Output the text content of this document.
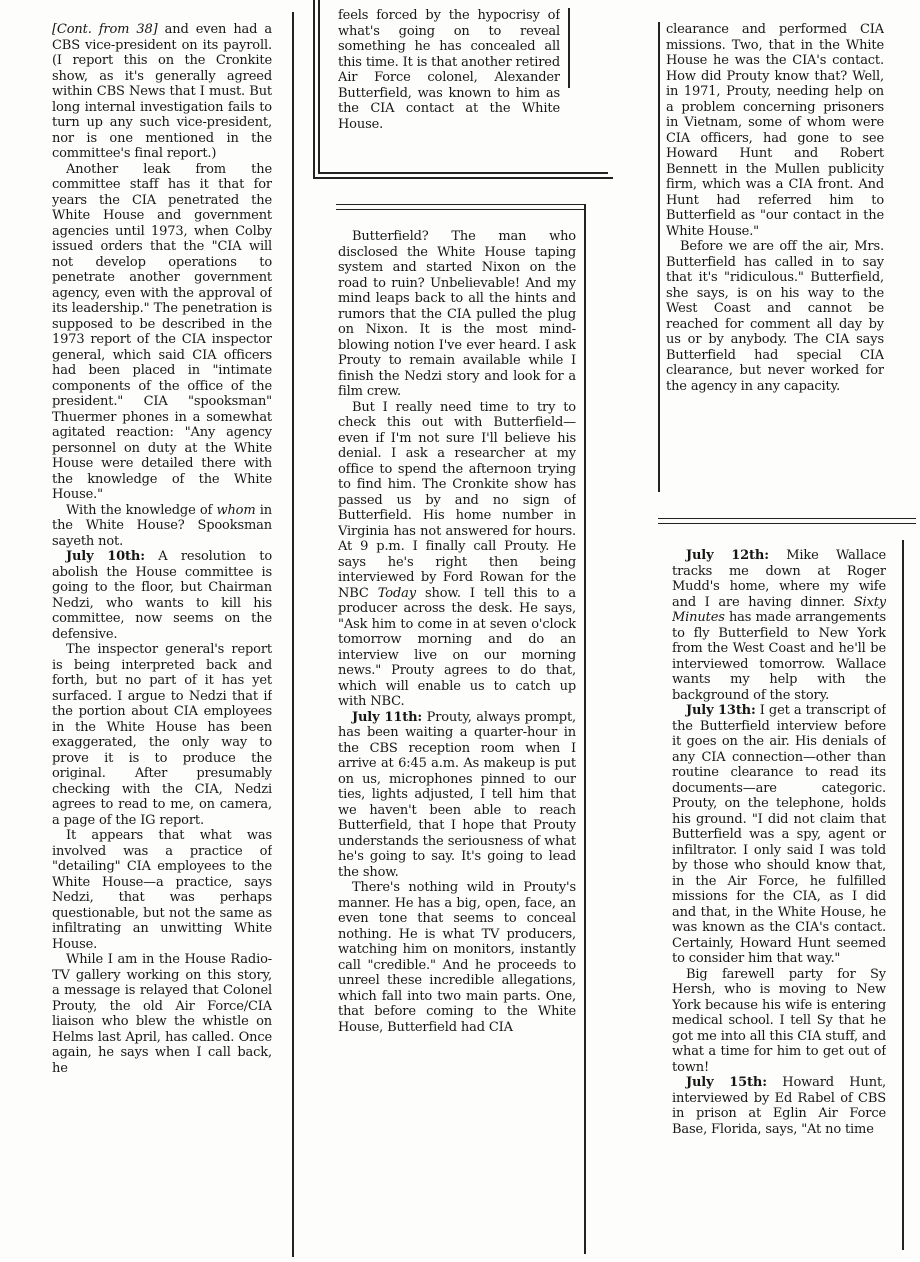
[Cont. from 38] and even had a CBS vice-president on its payroll. (I report this on the Cronkite show, as it's generally agreed within CBS News that I must. But long internal investigation fails to turn up any such vice-president, nor is one mentioned in the committee's final report.)

Another leak from the committee staff has it that for years the CIA penetrated the White House and government agencies until 1973, when Colby issued orders that the "CIA will not develop operations to penetrate another government agency, even with the approval of its leadership." The penetration is supposed to be described in the 1973 report of the CIA inspector general, which said CIA officers had been placed in "intimate components of the office of the president." CIA "spooksman" Thuermer phones in a somewhat agitated reaction: "Any agency personnel on duty at the White House were detailed there with the knowledge of the White House."

With the knowledge of whom in the White House? Spooksman sayeth not.

July 10th: A resolution to abolish the House committee is going to the floor, but Chairman Nedzi, who wants to kill his committee, now seems on the defensive.

The inspector general's report is being interpreted back and forth, but no part of it has yet surfaced. I argue to Nedzi that if the portion about CIA employees in the White House has been exaggerated, the only way to prove it is to produce the original. After presumably checking with the CIA, Nedzi agrees to read to me, on camera, a page of the IG report.

It appears that what was involved was a practice of "detailing" CIA employees to the White House—a practice, says Nedzi, that was perhaps questionable, but not the same as infiltrating an unwitting White House.

While I am in the House Radio-TV gallery working on this story, a message is relayed that Colonel Prouty, the old Air Force/CIA liaison who blew the whistle on Helms last April, has called. Once again, he says when I call back, he

feels forced by the hypocrisy of what's going on to reveal something he has concealed all this time. It is that another retired Air Force colonel, Alexander Butterfield, was known to him as the CIA contact at the White House.

Butterfield? The man who disclosed the White House taping system and started Nixon on the road to ruin? Unbelievable! And my mind leaps back to all the hints and rumors that the CIA pulled the plug on Nixon. It is the most mind-blowing notion I've ever heard. I ask Prouty to remain available while I finish the Nedzi story and look for a film crew.

But I really need time to try to check this out with Butterfield—even if I'm not sure I'll believe his denial. I ask a researcher at my office to spend the afternoon trying to find him. The Cronkite show has passed us by and no sign of Butterfield. His home number in Virginia has not answered for hours. At 9 p.m. I finally call Prouty. He says he's right then being interviewed by Ford Rowan for the NBC Today show. I tell this to a producer across the desk. He says, "Ask him to come in at seven o'clock tomorrow morning and do an interview live on our morning news." Prouty agrees to do that, which will enable us to catch up with NBC.

July 11th: Prouty, always prompt, has been waiting a quarter-hour in the CBS reception room when I arrive at 6:45 a.m. As makeup is put on us, microphones pinned to our ties, lights adjusted, I tell him that we haven't been able to reach Butterfield, that I hope that Prouty understands the seriousness of what he's going to say. It's going to lead the show.

There's nothing wild in Prouty's manner. He has a big, open, face, an even tone that seems to conceal nothing. He is what TV producers, watching him on monitors, instantly call "credible." And he proceeds to unreel these incredible allegations, which fall into two main parts. One, that before coming to the White House, Butterfield had CIA

clearance and performed CIA missions. Two, that in the White House he was the CIA's contact. How did Prouty know that? Well, in 1971, Prouty, needing help on a problem concerning prisoners in Vietnam, some of whom were CIA officers, had gone to see Howard Hunt and Robert Bennett in the Mullen publicity firm, which was a CIA front. And Hunt had referred him to Butterfield as "our contact in the White House."

Before we are off the air, Mrs. Butterfield has called in to say that it's "ridiculous." Butterfield, she says, is on his way to the West Coast and cannot be reached for comment all day by us or by anybody. The CIA says Butterfield had special CIA clearance, but never worked for the agency in any capacity.

July 12th: Mike Wallace tracks me down at Roger Mudd's home, where my wife and I are having dinner. Sixty Minutes has made arrangements to fly Butterfield to New York from the West Coast and he'll be interviewed tomorrow. Wallace wants my help with the background of the story.

July 13th: I get a transcript of the Butterfield interview before it goes on the air. His denials of any CIA connection—other than routine clearance to read its documents—are categoric. Prouty, on the telephone, holds his ground. "I did not claim that Butterfield was a spy, agent or infiltrator. I only said I was told by those who should know that, in the Air Force, he fulfilled missions for the CIA, as I did and that, in the White House, he was known as the CIA's contact. Certainly, Howard Hunt seemed to consider him that way."

Big farewell party for Sy Hersh, who is moving to New York because his wife is entering medical school. I tell Sy that he got me into all this CIA stuff, and what a time for him to get out of town!

July 15th: Howard Hunt, interviewed by Ed Rabel of CBS in prison at Eglin Air Force Base, Florida, says, "At no time
